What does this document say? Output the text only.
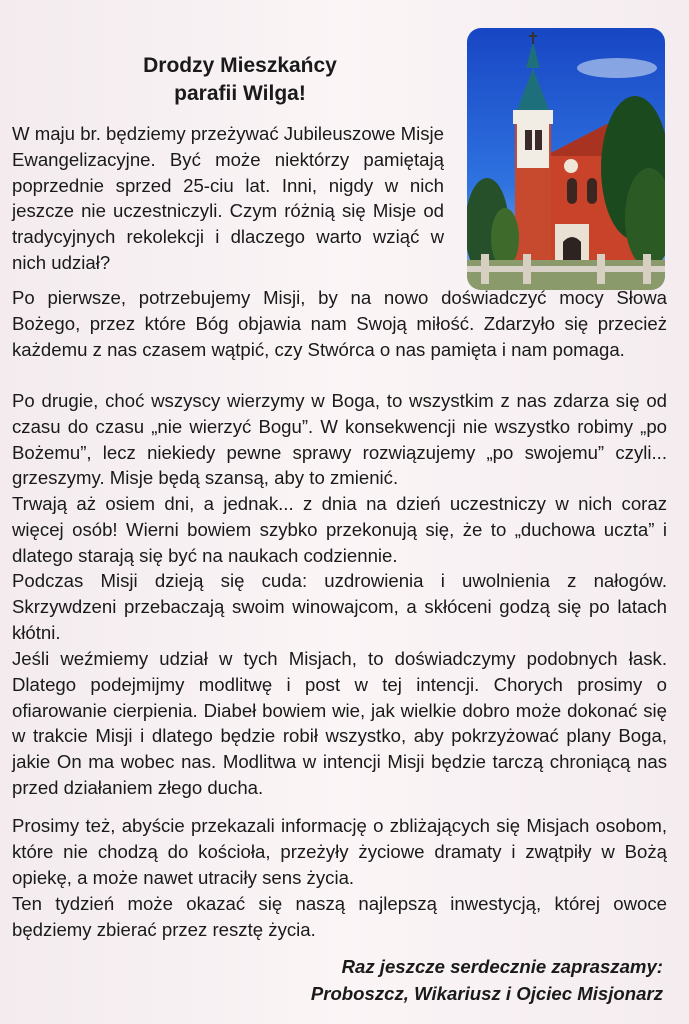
Drodzy Mieszkańcy
parafii Wilga!

W maju br. będziemy przeżywać Jubileuszowe Misje Ewangelizacyjne. Być może niektórzy pamiętają poprzednie sprzed 25-ciu lat. Inni, nigdy w nich jeszcze nie uczestniczyli. Czym różnią się Misje od tradycyjnych rekolekcji i dlaczego warto wziąć w nich udział?

Po pierwsze, potrzebujemy Misji, by na nowo doświadczyć mocy Słowa Bożego, przez które Bóg objawia nam Swoją miłość. Zdarzyło się przecież każdemu z nas czasem wątpić, czy Stwórca o nas pamięta i nam pomaga.

Po drugie, choć wszyscy wierzymy w Boga, to wszystkim z nas zdarza się od czasu do czasu „nie wierzyć Bogu”. W konsekwencji nie wszystko robimy „po Bożemu”, lecz niekiedy pewne sprawy rozwiązujemy „po swojemu” czyli... grzeszymy. Misje będą szansą, aby to zmienić.

Trwają aż osiem dni, a jednak... z dnia na dzień uczestniczy w nich coraz więcej osób! Wierni bowiem szybko przekonują się, że to „duchowa uczta” i dlatego starają się być na naukach codziennie.

Podczas Misji dzieją się cuda: uzdrowienia i uwolnienia z nałogów. Skrzywdzeni przebaczają swoim winowajcom, a skłóceni godzą się po latach kłótni.

Jeśli weźmiemy udział w tych Misjach, to doświadczymy podobnych łask. Dlatego podejmijmy modlitwę i post w tej intencji. Chorych prosimy o ofiarowanie cierpienia. Diabeł bowiem wie, jak wielkie dobro może dokonać się w trakcie Misji i dlatego będzie robił wszystko, aby pokrzyżować plany Boga, jakie On ma wobec nas. Modlitwa w intencji Misji będzie tarczą chroniącą nas przed działaniem złego ducha.

Prosimy też, abyście przekazali informację o zbliżających się Misjach osobom, które nie chodzą do kościoła, przeżyły życiowe dramaty i zwątpiły w Bożą opiekę, a może nawet utraciły sens życia.

Ten tydzień może okazać się naszą najlepszą inwestycją, której owoce będziemy zbierać przez resztę życia.

Raz jeszcze serdecznie zapraszamy:
Proboszcz, Wikariusz i Ojciec Misjonarz
